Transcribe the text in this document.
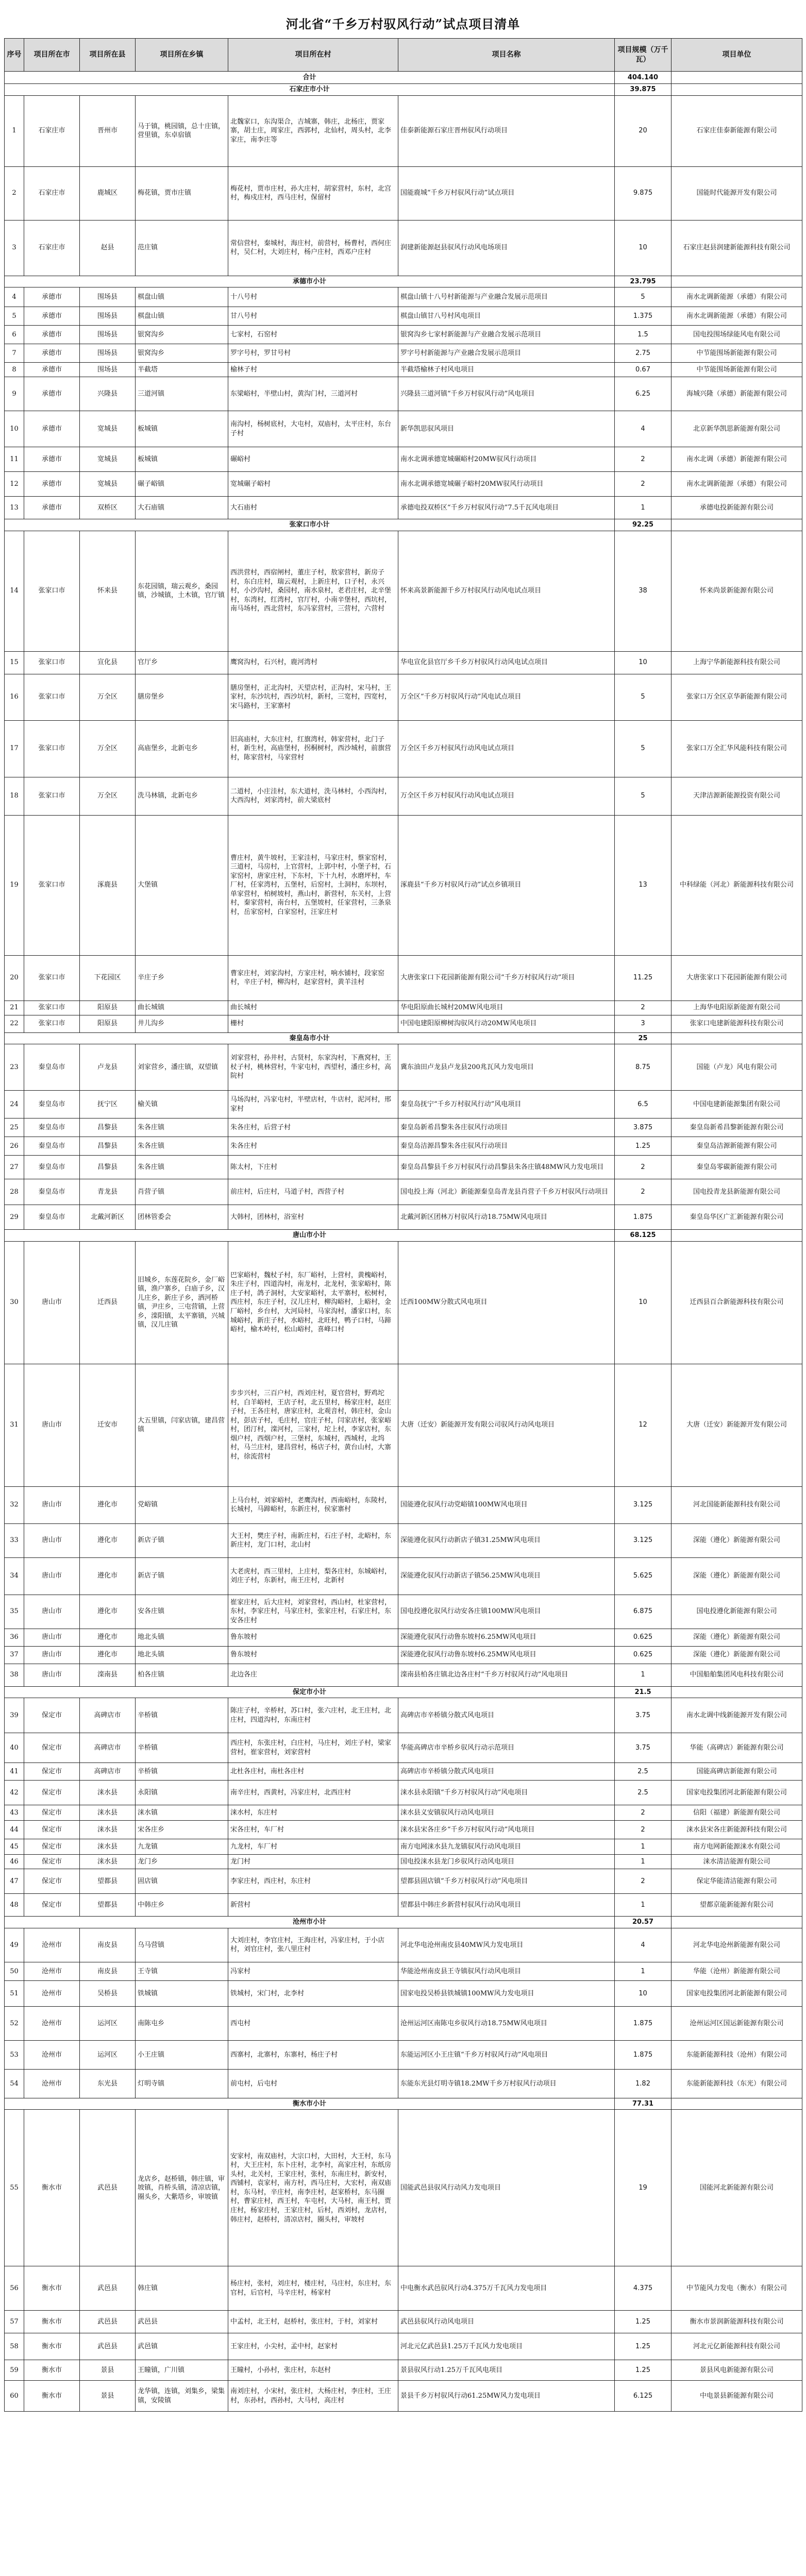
河北省“千乡万村驭风行动”试点项目清单
序号	项目所在市	项目所在县	项目所在乡镇	项目所在村	项目名称	项目规模（万千瓦）	项目单位
合计						404.140	
石家庄市小计						39.875	
1	石家庄市	晋州市	马于镇，桃园镇，总十庄镇，营里镇，东卓宿镇	北魏家口，东沟渠合，吉城寨，韩庄，北杨庄，贾家寨，胡士庄，周家庄，西郭村，北仙村，周头村，北李家庄，南李庄等	佳泰新能源石家庄晋州驭风行动项目	20	石家庄佳泰新能源有限公司
2	石家庄市	鹿城区	梅花镇，贾市庄镇	梅花村，贾市庄村，孙大庄村，胡家营村，东村，北宫村，梅戍庄村，西马庄村，保留村	国能鹿城“千乡万村驭风行动”试点项目	9.875	国能时代能源开发有限公司
3	石家庄市	赵县	范庄镇	常信营村，秦城村，海庄村，前营村，杨曹村，西何庄村，吴仁村，大刘庄村，杨户庄村，西邓户庄村	润建新能源赵县驭风行动风电场项目	10	石家庄赵县润建新能源科技有限公司
承德市小计						23.795	
4	承德市	围场县	棋盘山镇	十八号村	棋盘山镇十八号村新能源与产业融合发展示范项目	5	南水北调新能源（承德）有限公司
5	承德市	围场县	棋盘山镇	甘八号村	棋盘山镇甘八号村风电项目	1.375	南水北调新能源（承德）有限公司
6	承德市	围场县	银窝沟乡	七家村，石窑村	银窝沟乡七家村新能源与产业融合发展示范项目	1.5	国电投围场绿能风电有限公司
7	承德市	围场县	银窝沟乡	罗字号村，罗甘号村	罗字号村新能源与产业融合发展示范项目	2.75	中节能围场新能源有限公司
8	承德市	围场县	半截塔	榆林子村	半截塔榆林子村风电项目	0.67	中节能围场新能源有限公司
9	承德市	兴隆县	三道河镇	东梁峪村，半壁山村，黄沟门村，三道河村	兴隆县三道河镇“千乡万村驭风行动”风电项目	6.25	海城兴隆（承德）新能源有限公司
10	承德市	宽城县	板城镇	南沟村，杨树底村，大屯村，双庙村，太平庄村，东台子村	新华凯思驭风项目	4	北京新华凯思新能源有限公司
11	承德市	宽城县	板城镇	碾峪村	南水北调承德宽城碾峪村20MW驭风行动项目	2	南水北调（承德）新能源有限公司
12	承德市	宽城县	碾子峪镇	宽城碾子峪村	南水北调承德宽城碾子峪村20MW驭风行动项目	2	南水北调新能源（承德）有限公司
13	承德市	双桥区	大石庙镇	大石庙村	承德电投双桥区“千乡万村驭风行动”7.5千瓦风电项目	1	承德电投新能源有限公司
张家口市小计						92.25	
14	张家口市	怀来县	东花园镇，瑞云观乡，桑园镇，沙城镇，土木镇，官厅镇	西洪营村，西宿闸村，董庄子村，敖家营村，新房子村，东白庄村，瑞云观村，上新庄村，口子村，永兴村，小沙沟村，桑园村，南水泉村，老君庄村，北辛堡村，东湾村，红湾村，官厅村，小南辛堡村，西坑村，南马场村，西北营村，东冯家营村，三营村，六营村	怀来高景新能源千乡万村驭风行动风电试点项目	38	怀来尚景新能源有限公司
15	张家口市	宣化县	官厅乡	鹰窝沟村，石兴村，鹿河湾村	华电宣化县官厅乡千乡万村驭风行动风电试点项目	10	上海宁华新能源科技有限公司
16	张家口市	万全区	膳房堡乡	膳房堡村，正北沟村，天望店村，正沟村，宋马村，王家村，东沙坑村，西沙坑村，新村，三宽村，四宽村，宋马路村，王家寨村	万全区“千乡万村驭风行动”风电试点项目	5	张家口万全区京华新能源有限公司
17	张家口市	万全区	高庙堡乡，北新屯乡	旧高庙村，大东庄村，红旗湾村，韩家营村，北门子村，新生村，高庙堡村，拐桐树村，西沙城村，前旗营村，陈家营村，马家营村	万全区千乡万村驭风行动风电试点项目	5	张家口万全汇华风能科技有限公司
18	张家口市	万全区	洗马林镇，北新屯乡	二道村，小庄洼村，东大道村，洗马林村，小西沟村，大西沟村，刘家湾村，前大梁底村	万全区千乡万村驭风行动风电试点项目	5	天津洁源新能源投资有限公司
19	张家口市	涿鹿县	大堡镇	曹庄村，黄牛坡村，王家洼村，马家庄村，蔡家窑村，三道村，马房村，上官营村，上郭中村，小堡子村，石家窑村，唐家庄村，下东村，下十九村，水磨坪村，车厂村，任家湾村，五堡村，后窑村，土洞村，东坝村，单家营村，柏树坡村，燕山村，新营村，东关村，上营村，秦家营村，南台村，五堡坡村，任家营村，三条泉村，岳家窑村，白家窑村，汪家庄村	涿鹿县“千乡万村驭风行动”试点乡镇项目	13	中科绿能（河北）新能源科技有限公司
20	张家口市	下花园区	辛庄子乡	曹家庄村，刘家沟村，方家庄村，响水铺村，段家窑村，辛庄子村，柳沟村，赵家营村，黄羊洼村	大唐张家口下花园新能源有限公司“千乡万村驭风行动”项目	11.25	大唐张家口下花园新能源有限公司
21	张家口市	阳原县	曲长城镇	曲长城村	华电阳原曲长城村20MW风电项目	2	上海华电阳原新能源有限公司
22	张家口市	阳原县	井儿沟乡	栅村	中国电建阳原柳树沟驭风行动20MW风电项目	3	张家口电建新能源科技有限公司
秦皇岛市小计						25	
23	秦皇岛市	卢龙县	刘家营乡，潘庄镇，双望镇	刘家营村，孙井村，古贤村，东家沟村，下燕窝村，王杖子村，桃林营村，牛家屯村，西望村，潘庄乡村，高院村	冀东油田卢龙县卢龙县200兆瓦风力发电项目	8.75	国能（卢龙）风电有限公司
24	秦皇岛市	抚宁区	榆关镇	马场沟村，冯家屯村，半壁店村，牛店村，泥河村，邢家村	秦皇岛抚宁“千乡万村驭风行动”风电项目	6.5	中国电建新能源集团有限公司
25	秦皇岛市	昌黎县	朱各庄镇	朱各庄村，后营子村	秦皇岛新希昌黎朱各庄驭风行动项目	3.875	秦皇岛新希昌黎新能源有限公司
26	秦皇岛市	昌黎县	朱各庄镇	朱各庄村	秦皇岛洁源昌黎朱各庄驭风行动项目	1.25	秦皇岛洁源新能源有限公司
27	秦皇岛市	昌黎县	朱各庄镇	陈太村，下庄村	秦皇岛昌黎县千乡万村驭风行动昌黎县朱各庄镇48MW风力发电项目	2	秦皇岛零碳新能源有限公司
28	秦皇岛市	青龙县	肖营子镇	前庄村，后庄村，马道子村，西营子村	国电投上海（河北）新能源秦皇岛青龙县肖营子千乡万村驭风行动项目	2	国电投青龙县新能源有限公司
29	秦皇岛市	北戴河新区	团林管委会	大韩村，团林村，浴室村	北戴河新区团林万村驭风行动18.75MW风电项目	1.875	秦皇岛华区广汇新能源有限公司
唐山市小计						68.125	
30	唐山市	迁西县	旧城乡，东莲花院乡，金厂峪镇，渔户寨乡，白庙子乡，汉儿庄乡，新庄子乡，洒河桥镇，尹庄乡，三屯营镇，上营乡，滦阳镇，太平寨镇，兴城镇，汉儿庄镇	巴家峪村，魏杖子村，东厂峪村，上营村，黄槐峪村，朱庄子村，四道沟村，南龙村，北龙村，张家峪村，陈庄子村，鸽子洞村，大安家峪村，太平寨村，松树村，西庄村，东庄子村，汉儿庄村，柳沟峪村，上峪村，金厂峪村，乡台村，大河局村，马家沟村，潘家口村，东城峪村，新庄子村，水峪村，北旺村，鸭子口村，马蹄峪村，榆木岭村，松山峪村，喜峰口村	迁西100MW分散式风电项目	10	迁西县百合新能源科技有限公司
31	唐山市	迁安市	大五里镇，闫家店镇，建昌营镇	步步兴村，三百户村，西刘庄村，夏官营村，野鸡坨村，白羊峪村，王店子村，北五里村，杨家庄村，赵庄子村，王各庄村，唐家庄村，北观音村，韩庄村，金山村，彭店子村，毛庄村，官庄子村，闫家店村，张家峪村，团汀村，滦河村，三家村，坨上村，李家店村，东烟户村，西烟户村，三堡村，东城村，西城村，北坞村，马兰庄村，建昌营村，杨店子村，黄台山村，大寨村，徐流营村	大唐（迁安）新能源开发有限公司驭风行动风电项目	12	大唐（迁安）新能源开发有限公司
32	唐山市	遵化市	党峪镇	上马台村，刘家峪村，老鹰沟村，西南峪村，东陵村，长城村，马蹄峪村，东新庄村，侯家寨村	国能遵化驭风行动党峪镇100MW风电项目	3.125	河北国能新能源科技有限公司
33	唐山市	遵化市	新店子镇	大王村，樊庄子村，南新庄村，石庄子村，北峪村，东新庄村，龙门口村，北山村	深能遵化驭风行动新店子镇31.25MW风电项目	3.125	深能（遵化）新能源有限公司
34	唐山市	遵化市	新店子镇	大老虎村，西三里村，上庄村，梨各庄村，东城峪村，刘庄子村，东新村，南王庄村，北新村	深能遵化驭风行动新店子镇56.25MW风电项目	5.625	深能（遵化）新能源有限公司
35	唐山市	遵化市	安各庄镇	崔家庄村，后大庄村，刘家营村，西山村，杜家营村，东村，李家庄村，马家庄村，张家庄村，石家庄村，东安各庄村	国电投遵化驭风行动安各庄镇100MW风电项目	6.875	国电投遵化新能源有限公司
36	唐山市	遵化市	地北头镇	鲁东坡村	深能遵化驭风行动鲁东坡村6.25MW风电项目	0.625	深能（遵化）新能源有限公司
37	唐山市	遵化市	地北头镇	鲁东坡村	深能遵化驭风行动鲁东坡村6.25MW风电项目	0.625	深能（遵化）新能源有限公司
38	唐山市	滦南县	柏各庄镇	北边各庄	滦南县柏各庄镇北边各庄村“千乡万村驭风行动”风电项目	1	中国船舶集团风电科技有限公司
保定市小计						21.5	
39	保定市	高碑店市	辛桥镇	陈庄子村，辛桥村，苏口村，张六庄村，北王庄村，北庄村，四道沟村，东南庄村	高碑店市辛桥镇分散式风电项目	3.75	南水北调中线新能源开发有限公司
40	保定市	高碑店市	辛桥镇	西庄村，东张庄村，白庄村，马庄村，刘庄子村，梁家营村，崔家营村，刘家营村	华能高碑店市辛桥乡驭风行动示范项目	3.75	华能（高碑店）新能源有限公司
41	保定市	高碑店市	辛桥镇	北杜各庄村，南杜各庄村	高碑店市辛桥镇分散式风电项目	2.5	国能高碑店新能源有限公司
42	保定市	涞水县	永阳镇	南辛庄村，西黄村，冯家庄村，北西庄村	涞水县永阳镇“千乡万村驭风行动”风电项目	2.5	国家电投集团河北新能源有限公司
43	保定市	涞水县	涞水镇	涞水村，东庄村	涞水县义安镇驭风行动风电项目	2	信阳（福建）新能源有限公司
44	保定市	涞水县	宋各庄乡	宋各庄村，车厂村	涞水县宋各庄乡“千乡万村驭风行动”风电项目	2	涞水县宋各庄新能源科技有限公司
45	保定市	涞水县	九龙镇	九龙村，车厂村	南方电网涞水县九龙镇驭风行动风电项目	1	南方电网新能源涞水有限公司
46	保定市	涞水县	龙门乡	龙门村	国电投涞水县龙门乡驭风行动风电项目	1	涞水清洁能源有限公司
47	保定市	望都县	固店镇	李家庄村，西庄村，东庄村	望都县固店镇“千乡万村驭风行动”风电项目	2	保定华能清洁能源有限公司
48	保定市	望都县	中韩庄乡	新营村	望都县中韩庄乡新营村驭风行动风电项目	1	望都京能新能源有限公司
沧州市小计						20.57	
49	沧州市	南皮县	乌马营镇	大刘庄村，李官庄村，王海庄村，冯家庄村，于小店村，刘官庄村，张八里庄村	河北华电沧州南皮县40MW风力发电项目	4	河北华电沧州新能源有限公司
50	沧州市	南皮县	王寺镇	冯家村	华能沧州南皮县王寺镇驭风行动风电项目	1	华能（沧州）新能源有限公司
51	沧州市	吴桥县	铁城镇	铁城村，宋门村，北李村	国家电投吴桥县铁城镇100MW风力发电项目	10	国家电投集团河北新能源有限公司
52	沧州市	运河区	南陈屯乡	西屯村	沧州运河区南陈屯乡驭风行动18.75MW风电项目	1.875	沧州运河区国运新能源有限公司
53	沧州市	运河区	小王庄镇	西寨村，北寨村，东寨村，杨庄子村	东能运河区小王庄镇“千乡万村驭风行动”风电项目	1.875	东能新能源科技（沧州）有限公司
54	沧州市	东光县	灯明寺镇	前屯村，后屯村	东能东光县灯明寺镇18.2MW千乡万村驭风行动项目	1.82	东能新能源科技（东光）有限公司
衡水市小计						77.31	
55	衡水市	武邑县	龙店乡，赵桥镇，韩庄镇，审坡镇，肖桥头镇，清凉店镇，圈头乡，大紫塔乡，审坡镇	安家村，南双庙村，大宗口村，大田村，大王村，东马村，大王庄村，东卜庄村，北李村，高家庄村，东纸房头村，北关村，王家庄村，张村，东南庄村，新安村，西铺村，袁家村，南方村，西马庄村，大宏村，南双庙村，东马村，辛庄村，南李庄村，赵家桥村，东马圈村，曹家庄村，西王村，车屯村，大马村，南王村，贾庄村，杨家庄村，王家庄村，后村，西刘村，龙店村，韩庄村，赵桥村，清凉店村，圈头村，审坡村	国能武邑县驭风行动风力发电项目	19	国能河北新能源有限公司
56	衡水市	武邑县	韩庄镇	杨庄村，张村，刘庄村，楼庄村，马庄村，东庄村，东官村，后官村，马辛庄村，杨家村	中电衡水武邑驭风行动4.375万千瓦风力发电项目	4.375	中节能风力发电（衡水）有限公司
57	衡水市	武邑县	武邑县	中孟村，北王村，赵桥村，张庄村，于村，刘家村	武邑县驭风行动风电项目	1.25	衡水市景润新能源科技有限公司
58	衡水市	武邑县	武邑镇	王家庄村，小尖村，孟中村，赵家村	河北元亿武邑县1.25万千瓦风力发电项目	1.25	河北元亿新能源科技有限公司
59	衡水市	景县	王瞳镇，广川镇	王瞳村，小孙村，张庄村，东赵村	景县驭风行动1.25万千瓦风电项目	1.25	景县风电新能源有限公司
60	衡水市	景县	龙华镇，连镇，刘集乡，梁集镇，安陵镇	南刘庄村，小宋村，张庄村，大杨庄村，李庄村，王庄村，东孙村，西孙村，大马村，高庄村	景县千乡万村驭风行动61.25MW风力发电项目	6.125	中电景县新能源有限公司
